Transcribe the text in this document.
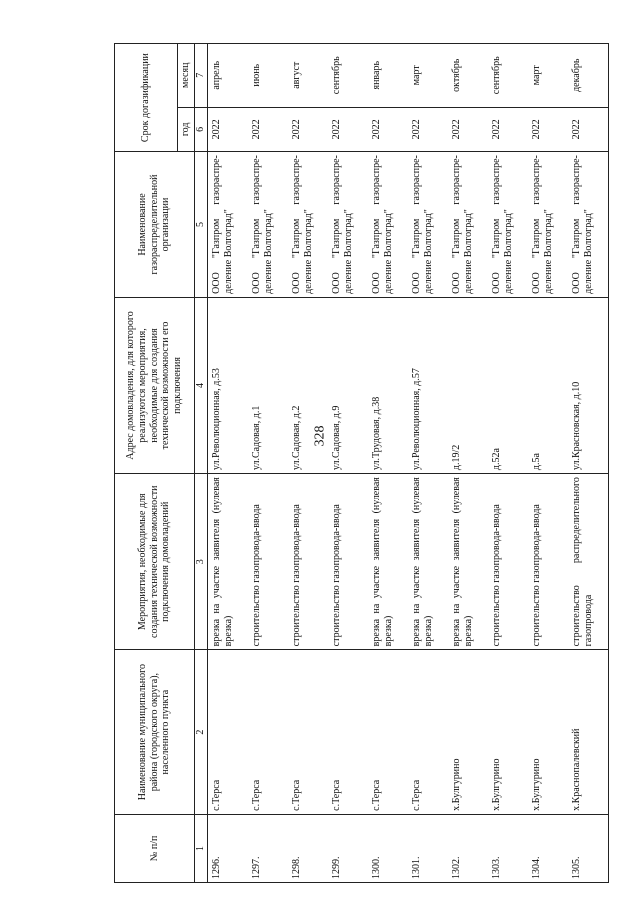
328
№ п/п	Наименование муниципального района (городского округа), населенного пункта	Мероприятия, необходимые для создания технической возможности подключения домовладений	Адрес домовладения, для которого реализуются мероприятия, необходимые для создания технической возможности его подключения	Наименование газораспределительной организации	Срок догазификации	
					год	месяц
1	2	3	4	5	6	7
1296.	с.Терса	врезка на участке заявителя (нулевая врезка)	ул.Революционная, д.53	ООО "Газпром газораспре-деление Волгоград"	2022	апрель
1297.	с.Терса	строительство газопровода-ввода	ул.Садовая, д.1	ООО "Газпром газораспре-деление Волгоград"	2022	июнь
1298.	с.Терса	строительство газопровода-ввода	ул.Садовая, д.2	ООО "Газпром газораспре-деление Волгоград"	2022	август
1299.	с.Терса	строительство газопровода-ввода	ул.Садовая, д.9	ООО "Газпром газораспре-деление Волгоград"	2022	сентябрь
1300.	с.Терса	врезка на участке заявителя (нулевая врезка)	ул.Трудовая, д.38	ООО "Газпром газораспре-деление Волгоград"	2022	январь
1301.	с.Терса	врезка на участке заявителя (нулевая врезка)	ул.Революционная, д.57	ООО "Газпром газораспре-деление Волгоград"	2022	март
1302.	х.Булгурино	врезка на участке заявителя (нулевая врезка)	д.19/2	ООО "Газпром газораспре-деление Волгоград"	2022	октябрь
1303.	х.Булгурино	строительство газопровода-ввода	д.52а	ООО "Газпром газораспре-деление Волгоград"	2022	сентябрь
1304.	х.Булгурино	строительство газопровода-ввода	д.5а	ООО "Газпром газораспре-деление Волгоград"	2022	март
1305.	х.Краснопалевский	строительство распределительного газопровода	ул.Красновская, д.10	ООО "Газпром газораспре-деление Волгоград"	2022	декабрь
